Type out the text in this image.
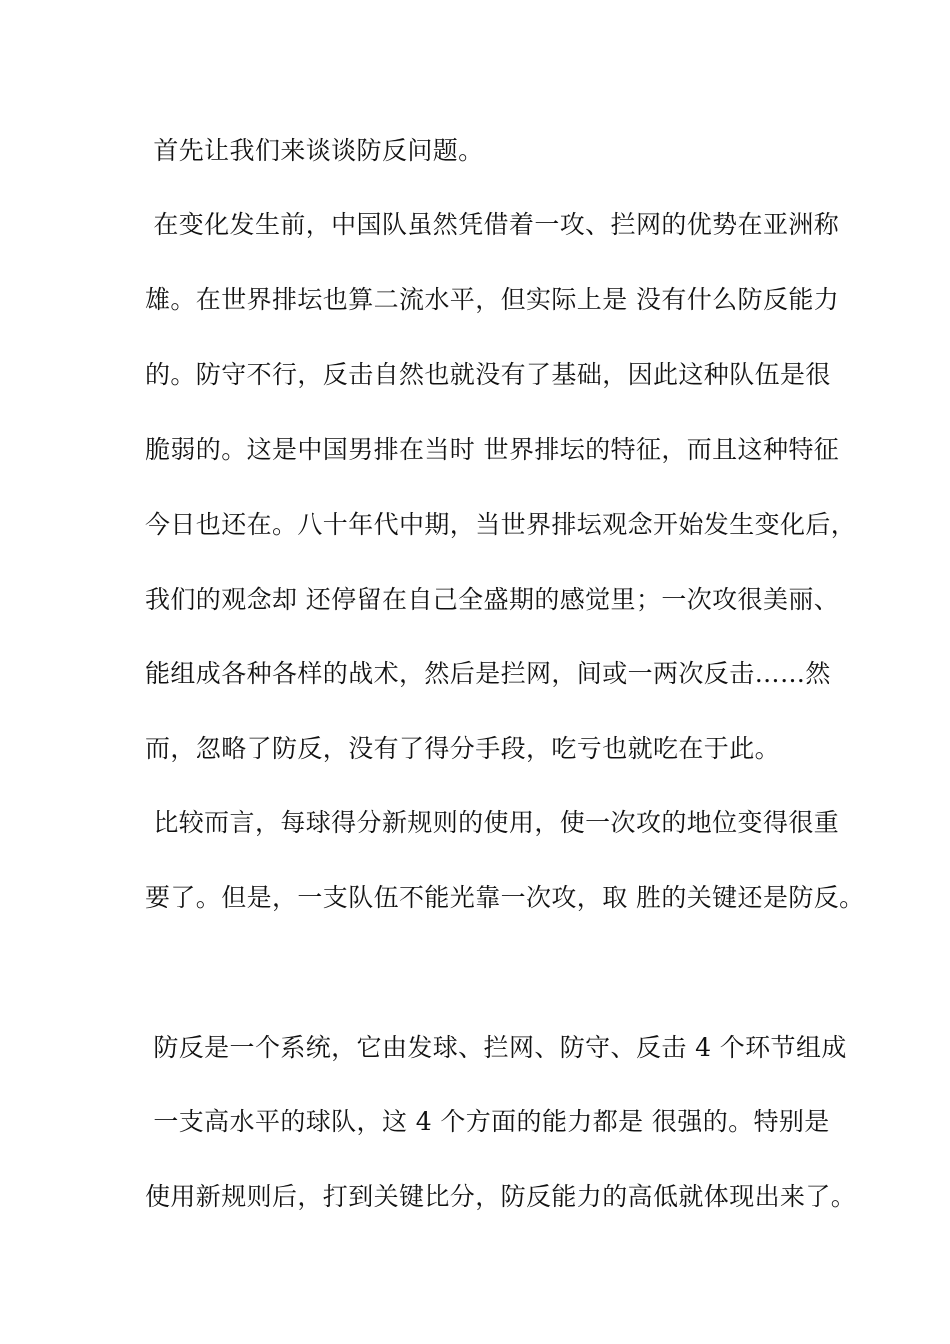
首先让我们来谈谈防反问题。
在变化发生前，中国队虽然凭借着一攻、拦网的优势在亚洲称
雄。在世界排坛也算二流水平，但实际上是 没有什么防反能力
的。防守不行，反击自然也就没有了基础，因此这种队伍是很
脆弱的。这是中国男排在当时 世界排坛的特征，而且这种特征
今日也还在。八十年代中期，当世界排坛观念开始发生变化后，
我们的观念却 还停留在自己全盛期的感觉里；一次攻很美丽、
能组成各种各样的战术，然后是拦网，间或一两次反击……然
而，忽略了防反，没有了得分手段，吃亏也就吃在于此。
比较而言，每球得分新规则的使用，使一次攻的地位变得很重
要了。但是，一支队伍不能光靠一次攻，取 胜的关键还是防反。
防反是一个系统，它由发球、拦网、防守、反击 4 个环节组成
一支高水平的球队，这 4 个方面的能力都是 很强的。特别是
使用新规则后，打到关键比分，防反能力的高低就体现出来了。
